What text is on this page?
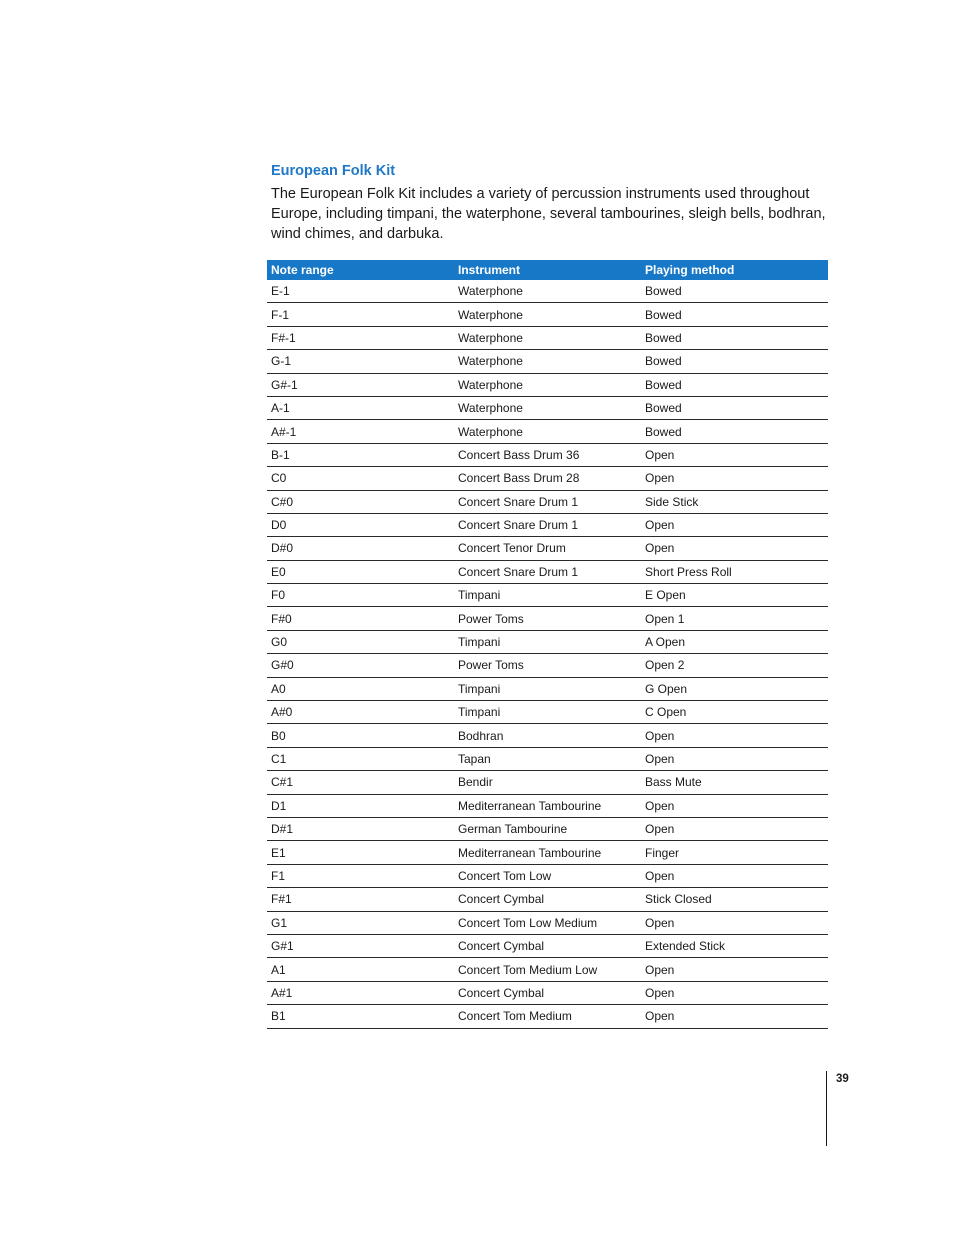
European Folk Kit

The European Folk Kit includes a variety of percussion instruments used throughout Europe, including timpani, the waterphone, several tambourines, sleigh bells, bodhran, wind chimes, and darbuka.

Note range	Instrument	Playing method
E-1	Waterphone	Bowed
F-1	Waterphone	Bowed
F#-1	Waterphone	Bowed
G-1	Waterphone	Bowed
G#-1	Waterphone	Bowed
A-1	Waterphone	Bowed
A#-1	Waterphone	Bowed
B-1	Concert Bass Drum 36	Open
C0	Concert Bass Drum 28	Open
C#0	Concert Snare Drum 1	Side Stick
D0	Concert Snare Drum 1	Open
D#0	Concert Tenor Drum	Open
E0	Concert Snare Drum 1	Short Press Roll
F0	Timpani	E Open
F#0	Power Toms	Open 1
G0	Timpani	A Open
G#0	Power Toms	Open 2
A0	Timpani	G Open
A#0	Timpani	C Open
B0	Bodhran	Open
C1	Tapan	Open
C#1	Bendir	Bass Mute
D1	Mediterranean Tambourine	Open
D#1	German Tambourine	Open
E1	Mediterranean Tambourine	Finger
F1	Concert Tom Low	Open
F#1	Concert Cymbal	Stick Closed
G1	Concert Tom Low Medium	Open
G#1	Concert Cymbal	Extended Stick
A1	Concert Tom Medium Low	Open
A#1	Concert Cymbal	Open
B1	Concert Tom Medium	Open
39
